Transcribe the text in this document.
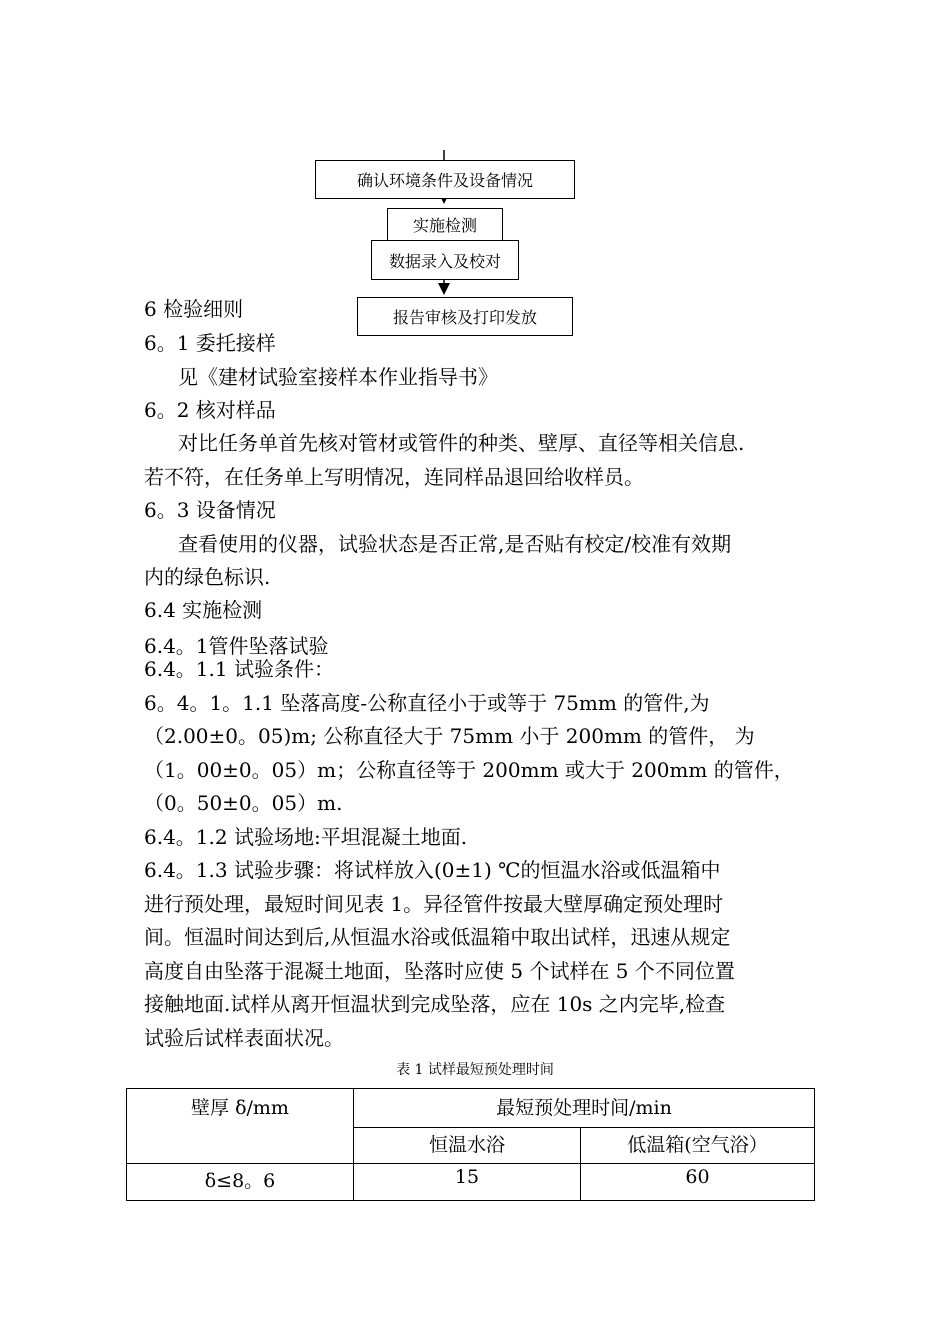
确认环境条件及设备情况
实施检测
数据录入及校对
报告审核及打印发放
6 检验细则
6。1 委托接样
见《建材试验室接样本作业指导书》
6。2 核对样品
对比任务单首先核对管材或管件的种类、壁厚、直径等相关信息.
若不符，在任务单上写明情况，连同样品退回给收样员。
6。3 设备情况
查看使用的仪器，试验状态是否正常,是否贴有校定/校准有效期
内的绿色标识.
6.4 实施检测
6.4。1管件坠落试验
6.4。1.1 试验条件：
6。4。1。1.1 坠落高度-公称直径小于或等于 75mm 的管件,为
（2.00±0。05)m; 公称直径大于 75mm 小于 200mm 的管件， 为
（1。00±0。05）m；公称直径等于 200mm 或大于 200mm 的管件，
（0。50±0。05）m.
6.4。1.2 试验场地:平坦混凝土地面.
6.4。1.3 试验步骤：将试样放入(0±1) ℃的恒温水浴或低温箱中
进行预处理，最短时间见表 1。异径管件按最大壁厚确定预处理时
间。恒温时间达到后,从恒温水浴或低温箱中取出试样，迅速从规定
高度自由坠落于混凝土地面，坠落时应使 5 个试样在 5 个不同位置
接触地面.试样从离开恒温状到完成坠落，应在 10s 之内完毕,检查
试验后试样表面状况。
表 1 试样最短预处理时间
壁厚 δ/mm	最短预处理时间/min	
	恒温水浴	低温箱(空气浴）
δ≤8。6	15	60
